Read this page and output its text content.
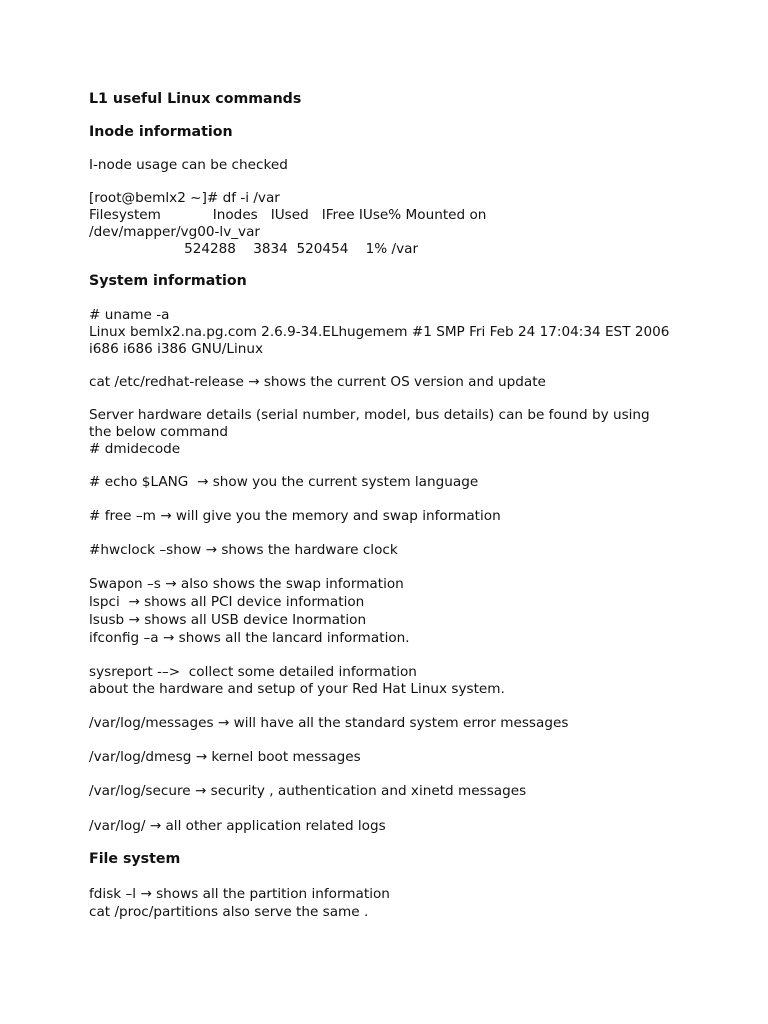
L1 useful Linux commands
Inode information
I-node usage can be checked
[root@bemlx2 ~]# df -i /var
Filesystem            Inodes   IUsed   IFree IUse% Mounted on
/dev/mapper/vg00-lv_var
524288    3834  520454    1% /var
System information
# uname -a
Linux bemlx2.na.pg.com 2.6.9-34.ELhugemem #1 SMP Fri Feb 24 17:04:34 EST 2006
i686 i686 i386 GNU/Linux
cat /etc/redhat-release → shows the current OS version and update
Server hardware details (serial number, model, bus details) can be found by using
the below command
# dmidecode
# echo $LANG  → show you the current system language
# free –m → will give you the memory and swap information
#hwclock –show → shows the hardware clock
Swapon –s → also shows the swap information
lspci  → shows all PCI device information
lsusb → shows all USB device Inormation
ifconfig –a → shows all the lancard information.
sysreport -–>  collect some detailed information
about the hardware and setup of your Red Hat Linux system.
/var/log/messages → will have all the standard system error messages
/var/log/dmesg → kernel boot messages
/var/log/secure → security , authentication and xinetd messages
/var/log/ → all other application related logs
File system
fdisk –l → shows all the partition information
cat /proc/partitions also serve the same .
